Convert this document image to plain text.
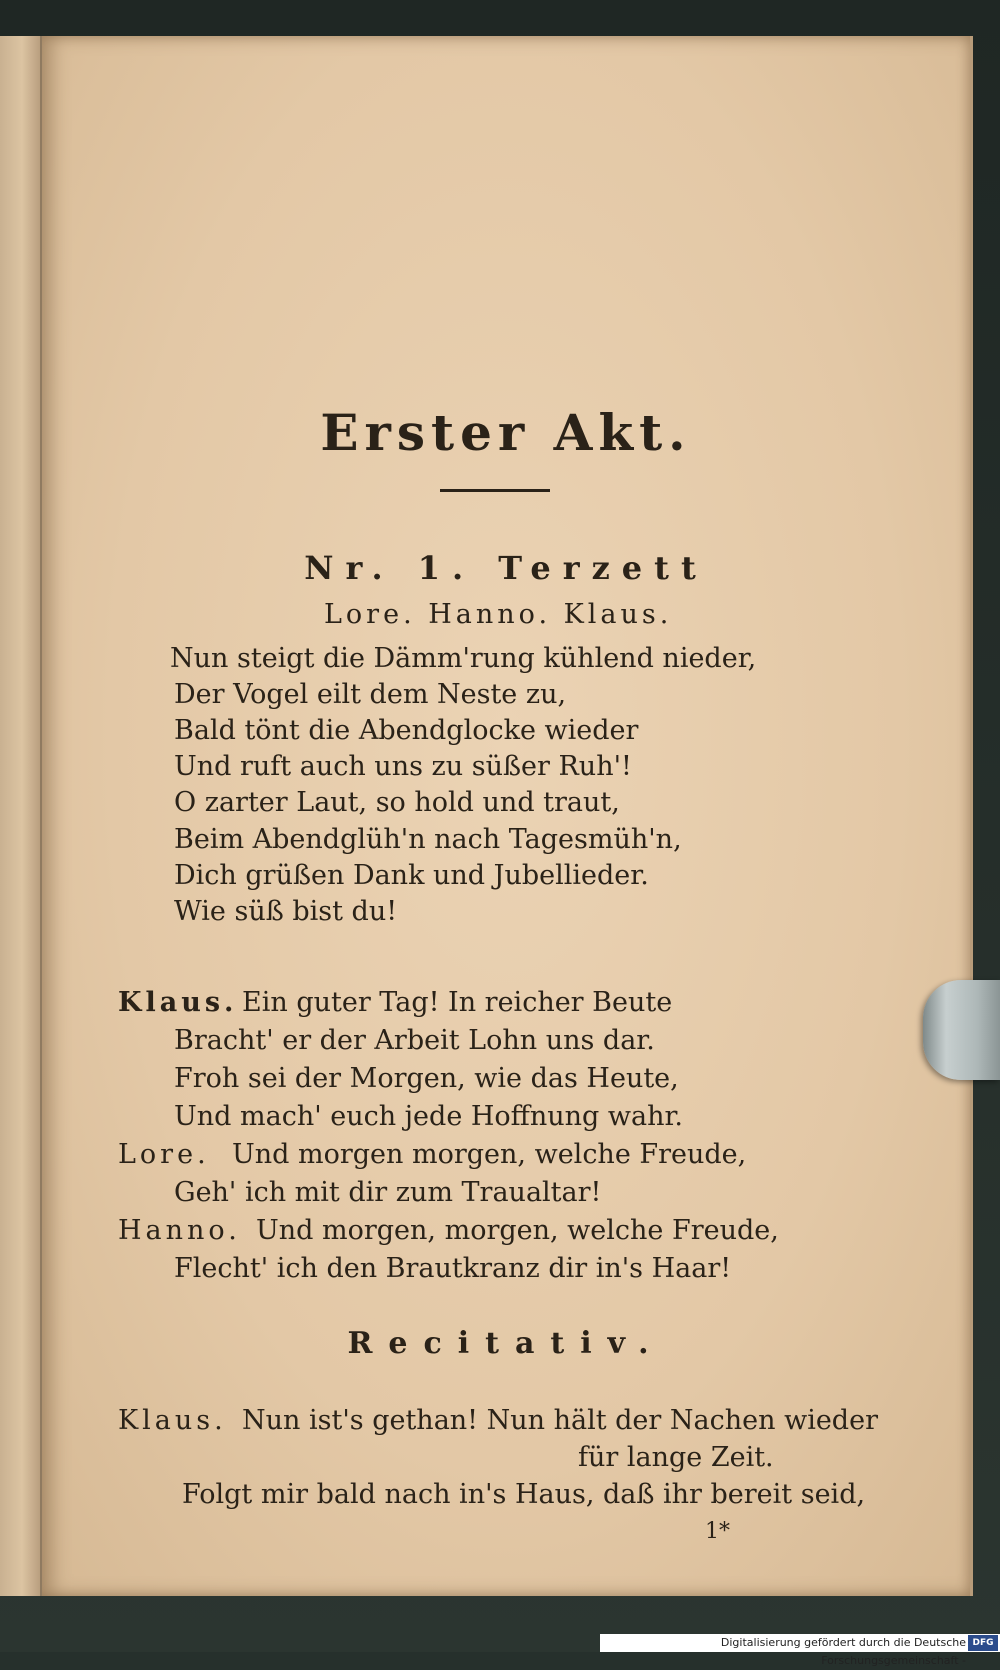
Erster Akt.
Nr. 1. Terzett
Lore. Hanno. Klaus.
Nun steigt die Dämm'rung kühlend nieder,
Der Vogel eilt dem Neste zu,
Bald tönt die Abendglocke wieder
Und ruft auch uns zu süßer Ruh'!
O zarter Laut, so hold und traut,
Beim Abendglüh'n nach Tagesmüh'n,
Dich grüßen Dank und Jubellieder.
Wie süß bist du!
Klaus. Ein guter Tag! In reicher Beute
Bracht' er der Arbeit Lohn uns dar.
Froh sei der Morgen, wie das Heute,
Und mach' euch jede Hoffnung wahr.
Lore. Und morgen morgen, welche Freude,
Geh' ich mit dir zum Traualtar!
Hanno. Und morgen, morgen, welche Freude,
Flecht' ich den Brautkranz dir in's Haar!
Recitativ.
Klaus. Nun ist's gethan! Nun hält der Nachen wieder
für lange Zeit.
Folgt mir bald nach in's Haus, daß ihr bereit seid,
1*
Digitalisierung gefördert durch die Deutsche Forschungsgemeinschaft -
DFG
